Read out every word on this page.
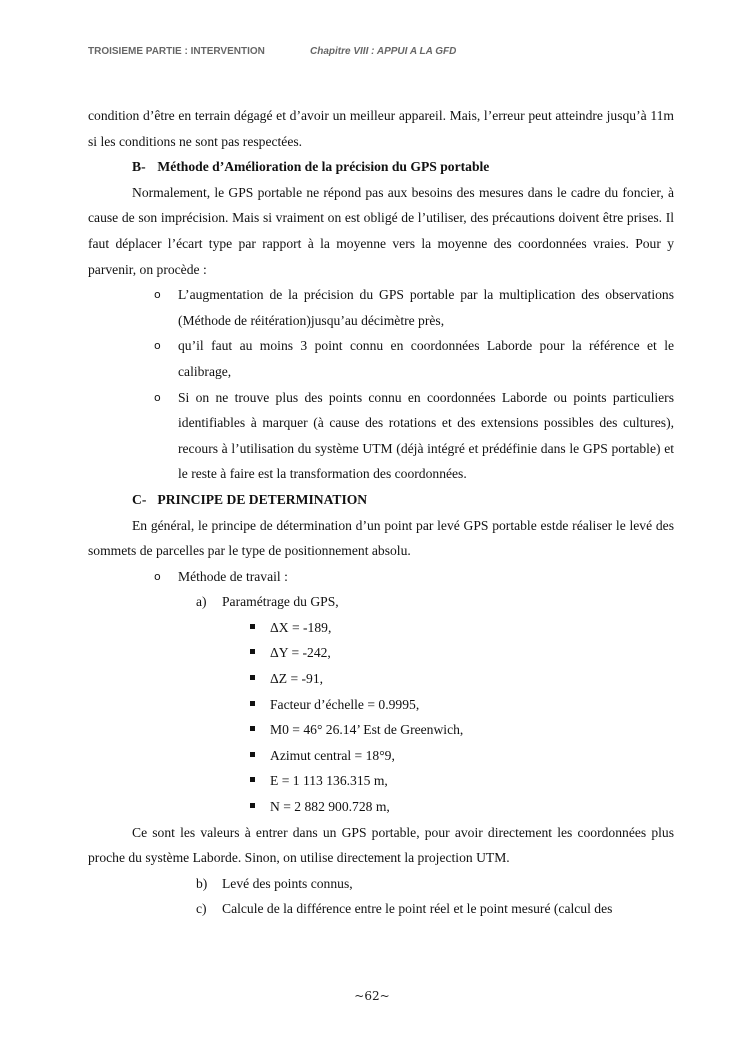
TROISIEME PARTIE : INTERVENTION	Chapitre VIII : APPUI A LA GFD

condition d’être en terrain dégagé et d’avoir un meilleur appareil. Mais, l’erreur peut atteindre jusqu’à 11m si les conditions ne sont pas respectées.

B- Méthode d’Amélioration de la précision du GPS portable

Normalement, le GPS portable ne répond pas aux besoins des mesures dans le cadre du foncier, à cause de son imprécision. Mais si vraiment on est obligé de l’utiliser, des précautions doivent être prises. Il faut déplacer l’écart type par rapport à la moyenne vers la moyenne des coordonnées vraies. Pour y parvenir, on procède :

o L’augmentation de la précision du GPS portable par la multiplication des observations (Méthode de réitération)jusqu’au décimètre près,
o qu’il faut au moins 3 point connu en coordonnées Laborde pour la référence et le calibrage,
o Si on ne trouve plus des points connu en coordonnées Laborde ou points particuliers identifiables à marquer (à cause des rotations et des extensions possibles des cultures), recours à l’utilisation du système UTM (déjà intégré et prédéfinie dans le GPS portable) et le reste à faire est la transformation des coordonnées.

C- PRINCIPE DE DETERMINATION

En général, le principe de détermination d’un point par levé GPS portable estde réaliser le levé des sommets de parcelles par le type de positionnement absolu.

o Méthode de travail :

a) Paramétrage du GPS,

ΔX = -189,
ΔY = -242,
ΔZ = -91,
Facteur d’échelle = 0.9995,
M0 = 46° 26.14’ Est de Greenwich,
Azimut central = 18°9,
E = 1 113 136.315 m,
N = 2 882 900.728 m,

Ce sont les valeurs à entrer dans un GPS portable, pour avoir directement les coordonnées plus proche du système Laborde. Sinon, on utilise directement la projection UTM.

b) Levé des points connus,

c) Calcule de la différence entre le point réel et le point mesuré (calcul des

~62~
